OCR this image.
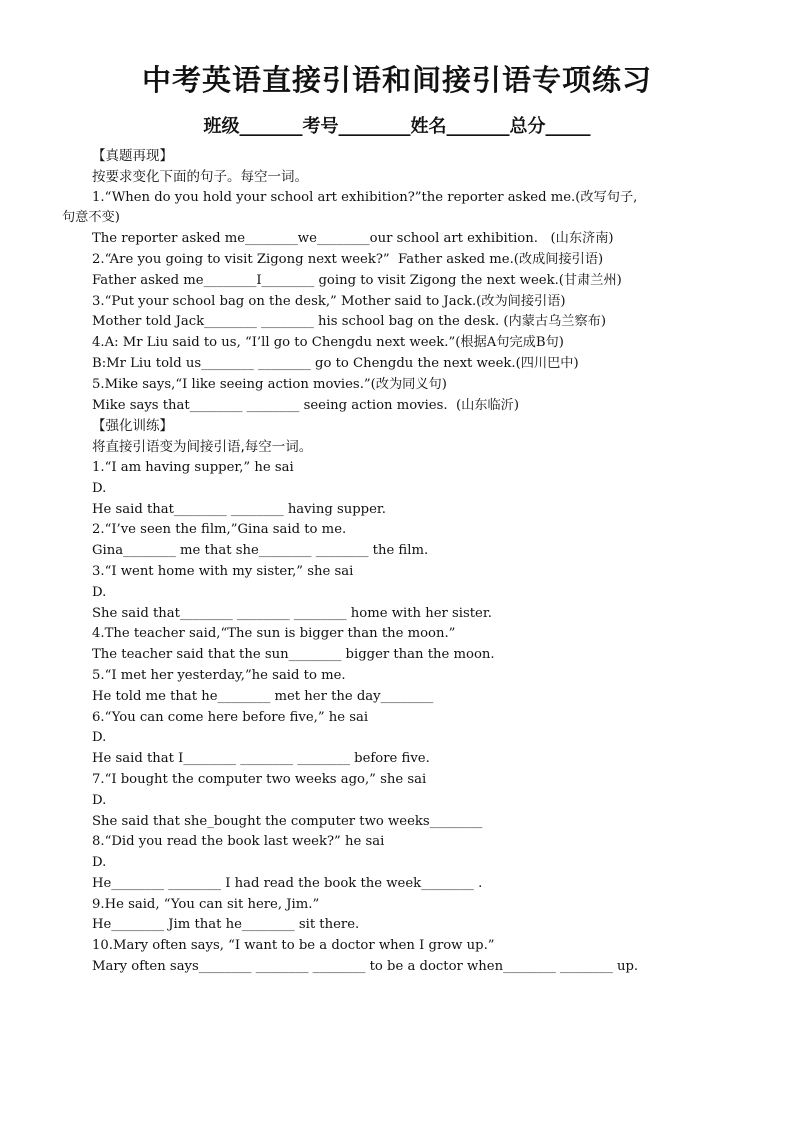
中考英语直接引语和间接引语专项练习
班级_______考号________姓名_______总分_____
【真题再现】
按要求变化下面的句子。每空一词。
1.“When do you hold your school art exhibition?”the reporter asked me.(改写句子,
句意不变)
The reporter asked me________we________our school art exhibition.   (山东济南)
2.“Are you going to visit Zigong next week?”  Father asked me.(改成间接引语)
Father asked me________I________ going to visit Zigong the next week.(甘肃兰州)
3.“Put your school bag on the desk,” Mother said to Jack.(改为间接引语)
Mother told Jack________ ________ his school bag on the desk. (内蒙古乌兰察布)
4.A: Mr Liu said to us, “I’ll go to Chengdu next week.”(根据A句完成B句)
B:Mr Liu told us________ ________ go to Chengdu the next week.(四川巴中)
5.Mike says,“I like seeing action movies.”(改为同义句)
Mike says that________ ________ seeing action movies.  (山东临沂)
【强化训练】
将直接引语变为间接引语,每空一词。
1.“I am having supper,” he sai
D.
He said that________ ________ having supper.
2.“I’ve seen the film,”Gina said to me.
Gina________ me that she________ ________ the film.
3.“I went home with my sister,” she sai
D.
She said that________ ________ ________ home with her sister.
4.The teacher said,“The sun is bigger than the moon.”
The teacher said that the sun________ bigger than the moon.
5.“I met her yesterday,”he said to me.
He told me that he________ met her the day________
6.“You can come here before five,” he sai
D.
He said that I________ ________ ________ before five.
7.“I bought the computer two weeks ago,” she sai
D.
She said that she_bought the computer two weeks________
8.“Did you read the book last week?” he sai
D.
He________ ________ I had read the book the week________ .
9.He said, “You can sit here, Jim.”
He________ Jim that he________ sit there.
10.Mary often says, “I want to be a doctor when I grow up.”
Mary often says________ ________ ________ to be a doctor when________ ________ up.
